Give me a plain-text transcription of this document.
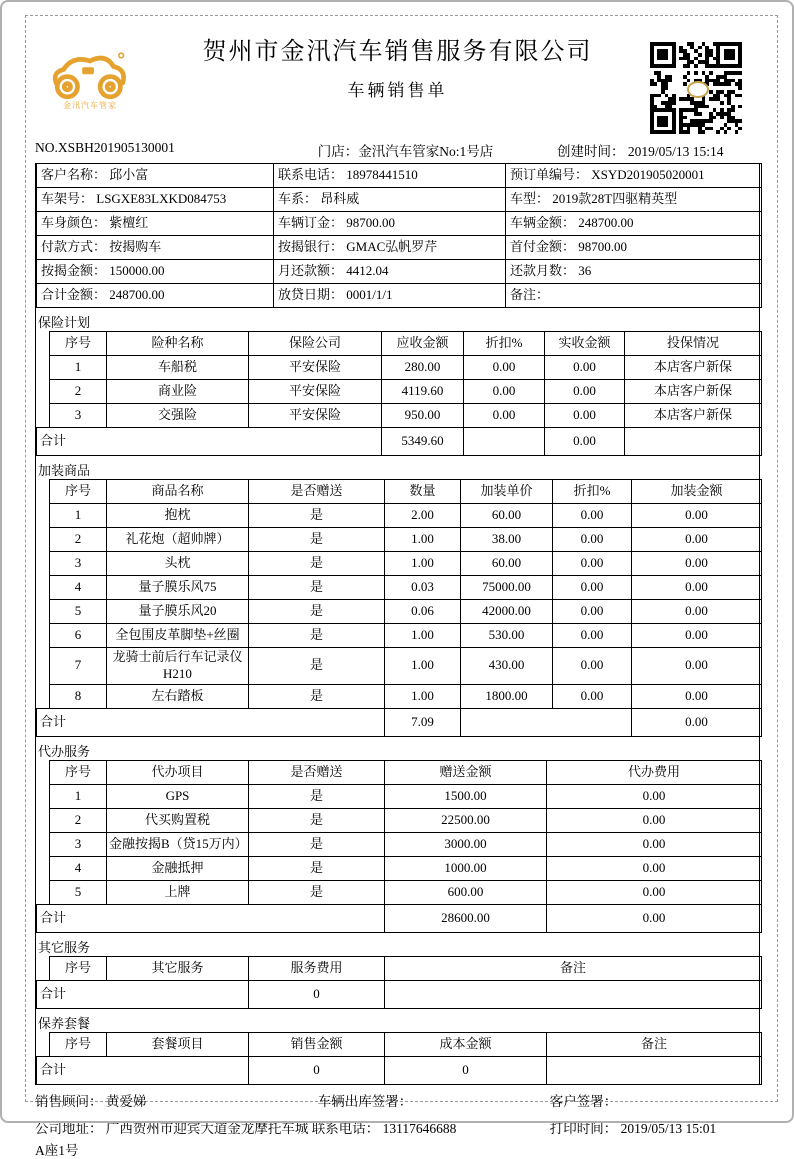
金汛汽车管家
贺州市金汛汽车销售服务有限公司
车辆销售单
NO.XSBH201905130001	门店：金汛汽车管家No:1号店	创建时间： 2019/05/13 15:14
客户名称： 邱小富	联系电话： 18978441510	预订单编号： XSYD201905020001
车架号： LSGXE83LXKD084753	车系： 昂科威	车型： 2019款28T四驱精英型
车身颜色： 紫檀红	车辆订金： 98700.00	车辆金额： 248700.00
付款方式： 按揭购车	按揭银行： GMAC弘帆罗芹	首付金额： 98700.00
按揭金额： 150000.00	月还款额： 4412.04	还款月数： 36
合计金额： 248700.00	放贷日期： 0001/1/1	备注：
保险计划
	序号	险种名称	保险公司	应收金额	折扣%	实收金额	投保情况
	1	车船税	平安保险	280.00	0.00	0.00	本店客户新保
	2	商业险	平安保险	4119.60	0.00	0.00	本店客户新保
	3	交强险	平安保险	950.00	0.00	0.00	本店客户新保
合计				5349.60		0.00	
加装商品
	序号	商品名称	是否赠送	数量	加装单价	折扣%	加装金额
	1	抱枕	是	2.00	60.00	0.00	0.00
	2	礼花炮（超帅牌）	是	1.00	38.00	0.00	0.00
	3	头枕	是	1.00	60.00	0.00	0.00
	4	量子膜乐风75	是	0.03	75000.00	0.00	0.00
	5	量子膜乐风20	是	0.06	42000.00	0.00	0.00
	6	全包围皮革脚垫+丝圈	是	1.00	530.00	0.00	0.00
	7	龙骑士前后行车记录仪H210	是	1.00	430.00	0.00	0.00
	8	左右踏板	是	1.00	1800.00	0.00	0.00
合计				7.09			0.00
代办服务
	序号	代办项目	是否赠送	赠送金额	代办费用
	1	GPS	是	1500.00	0.00
	2	代买购置税	是	22500.00	0.00
	3	金融按揭B（贷15万内）	是	3000.00	0.00
	4	金融抵押	是	1000.00	0.00
	5	上牌	是	600.00	0.00
合计				28600.00	0.00
其它服务
	序号	其它服务	服务费用	备注
合计			0	
保养套餐
	序号	套餐项目	销售金额	成本金额	备注
合计			0	0	
销售顾问： 黄爱娣	车辆出库签署：	客户签署：
公司地址： 广西贺州市迎宾大道金龙摩托车城 联系电话： 13117646688	打印时间： 2019/05/13 15:01
A座1号
